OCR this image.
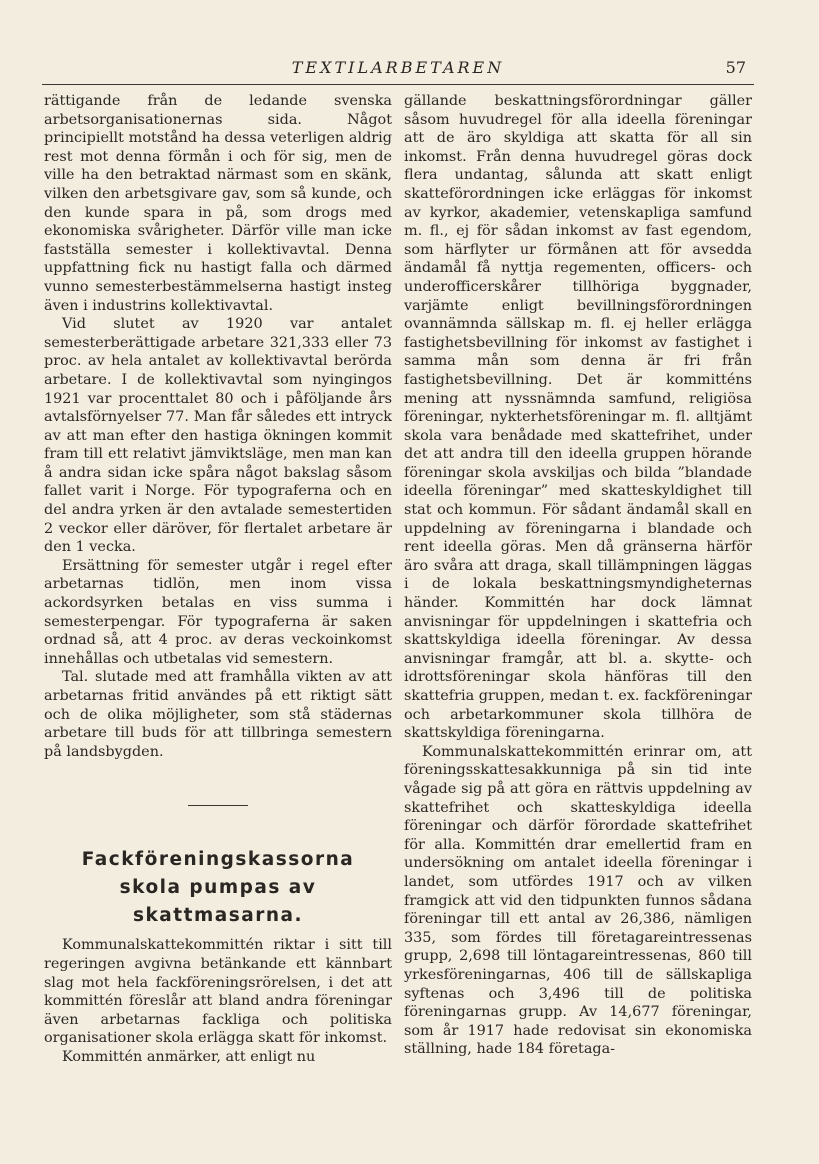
TEXTILARBETAREN	57

rättigande från de ledande svenska arbetsorganisationernas sida. Något principiellt motstånd ha dessa veterligen aldrig rest mot denna förmån i och för sig, men de ville ha den betraktad närmast som en skänk, vilken den arbetsgivare gav, som så kunde, och den kunde spara in på, som drogs med ekonomiska svårigheter. Därför ville man icke fastställa semester i kollektivavtal. Denna uppfattning fick nu hastigt falla och därmed vunno semesterbestämmelserna hastigt insteg även i industrins kollektivavtal.

Vid slutet av 1920 var antalet semesterberättigade arbetare 321,333 eller 73 proc. av hela antalet av kollektivavtal berörda arbetare. I de kollektivavtal som nyingingos 1921 var procenttalet 80 och i påföljande års avtalsförnyelser 77. Man får således ett intryck av att man efter den hastiga ökningen kommit fram till ett relativt jämviktsläge, men man kan å andra sidan icke spåra något bakslag såsom fallet varit i Norge. För typograferna och en del andra yrken är den avtalade semestertiden 2 veckor eller däröver, för flertalet arbetare är den 1 vecka.

Ersättning för semester utgår i regel efter arbetarnas tidlön, men inom vissa ackordsyrken betalas en viss summa i semesterpengar. För typograferna är saken ordnad så, att 4 proc. av deras veckoinkomst innehållas och utbetalas vid semestern.

Tal. slutade med att framhålla vikten av att arbetarnas fritid användes på ett riktigt sätt och de olika möjligheter, som stå städernas arbetare till buds för att tillbringa semestern på landsbygden.

Fackföreningskassorna
skola pumpas av
skattmasarna.

Kommunalskattekommittén riktar i sitt till regeringen avgivna betänkande ett kännbart slag mot hela fackföreningsrörelsen, i det att kommittén föreslår att bland andra föreningar även arbetarnas fackliga och politiska organisationer skola erlägga skatt för inkomst.

Kommittén anmärker, att enligt nu

gällande beskattningsförordningar gäller såsom huvudregel för alla ideella föreningar att de äro skyldiga att skatta för all sin inkomst. Från denna huvudregel göras dock flera undantag, sålunda att skatt enligt skatteförordningen icke erläggas för inkomst av kyrkor, akademier, vetenskapliga samfund m. fl., ej för sådan inkomst av fast egendom, som härflyter ur förmånen att för avsedda ändamål få nyttja regementen, officers- och underofficerskårer tillhöriga byggnader, varjämte enligt bevillningsförordningen ovannämnda sällskap m. fl. ej heller erlägga fastighetsbevillning för inkomst av fastighet i samma mån som denna är fri från fastighetsbevillning. Det är kommitténs mening att nyssnämnda samfund, religiösa föreningar, nykterhetsföreningar m. fl. alltjämt skola vara benådade med skattefrihet, under det att andra till den ideella gruppen hörande föreningar skola avskiljas och bilda ”blandade ideella föreningar” med skatteskyldighet till stat och kommun. För sådant ändamål skall en uppdelning av föreningarna i blandade och rent ideella göras. Men då gränserna härför äro svåra att draga, skall tillämpningen läggas i de lokala beskattningsmyndigheternas händer. Kommittén har dock lämnat anvisningar för uppdelningen i skattefria och skattskyldiga ideella föreningar. Av dessa anvisningar framgår, att bl. a. skytte- och idrottsföreningar skola hänföras till den skattefria gruppen, medan t. ex. fackföreningar och arbetarkommuner skola tillhöra de skattskyldiga föreningarna.

Kommunalskattekommittén erinrar om, att föreningsskattesakkunniga på sin tid inte vågade sig på att göra en rättvis uppdelning av skattefrihet och skatteskyldiga ideella föreningar och därför förordade skattefrihet för alla. Kommittén drar emellertid fram en undersökning om antalet ideella föreningar i landet, som utfördes 1917 och av vilken framgick att vid den tidpunkten funnos sådana föreningar till ett antal av 26,386, nämligen 335, som fördes till företagareintressenas grupp, 2,698 till löntagareintressenas, 860 till yrkesföreningarnas, 406 till de sällskapliga syftenas och 3,496 till de politiska föreningarnas grupp. Av 14,677 föreningar, som år 1917 hade redovisat sin ekonomiska ställning, hade 184 företaga-
